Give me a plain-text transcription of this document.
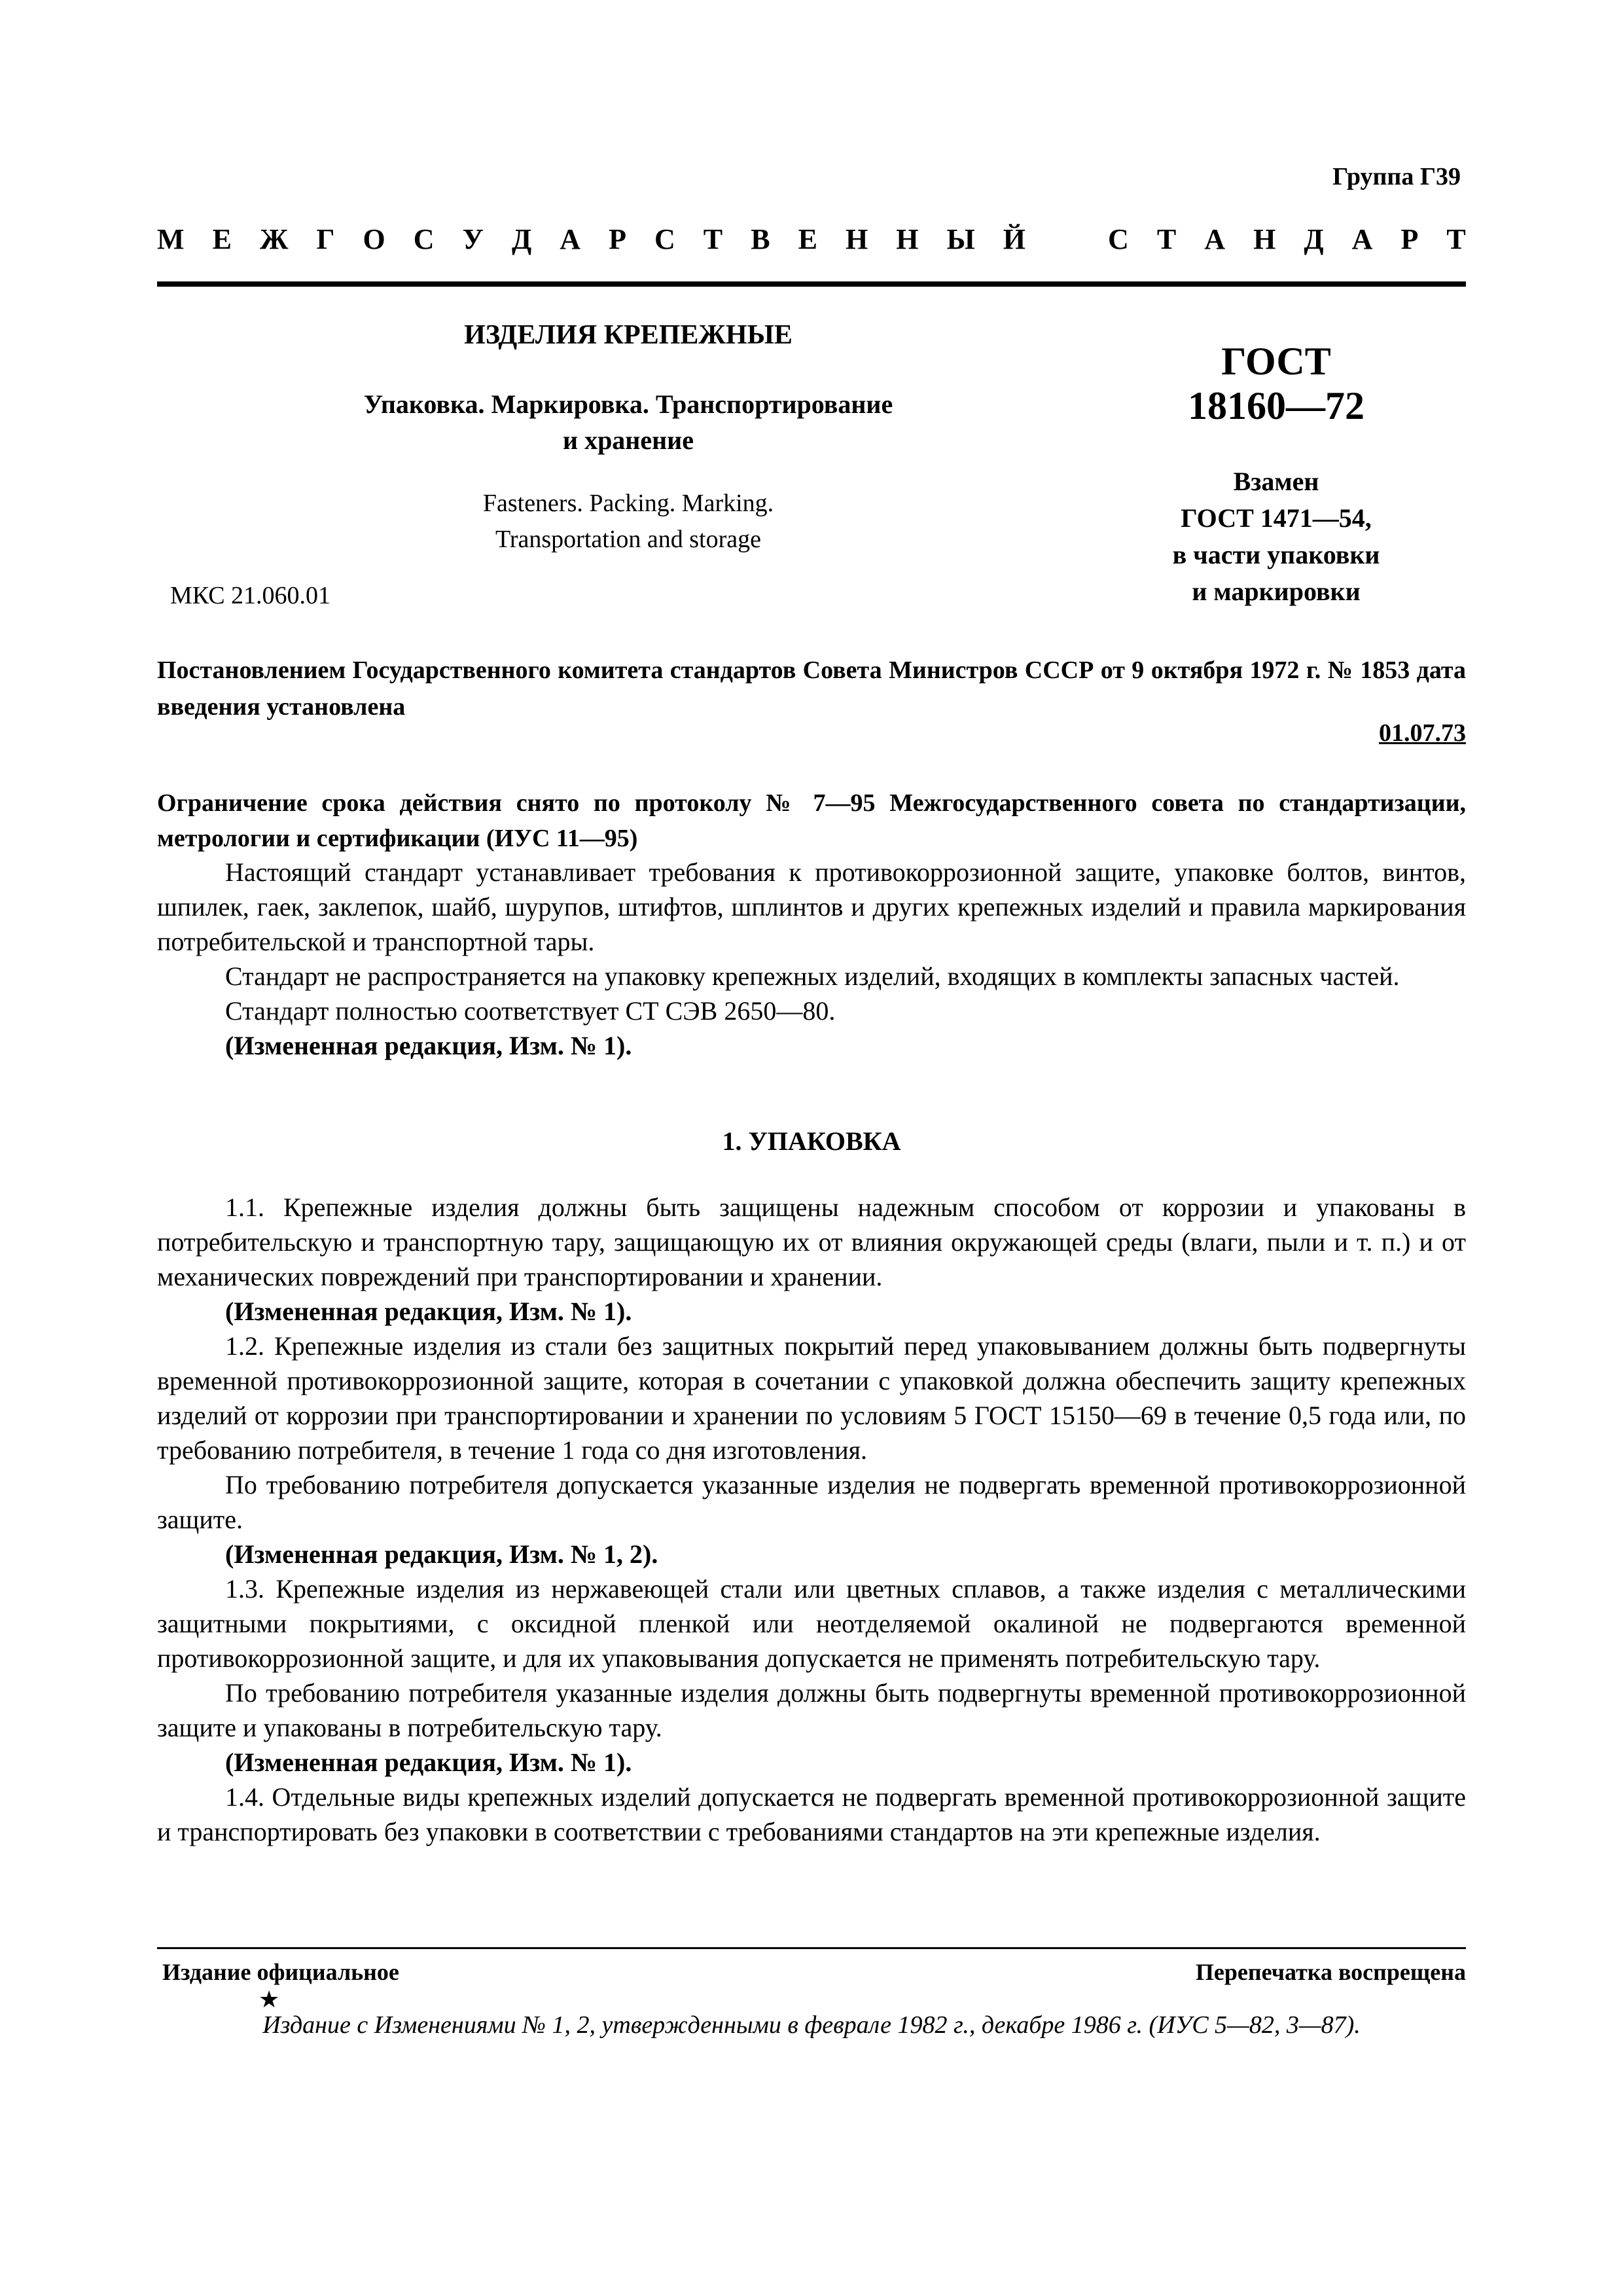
Группа Г39
М Е Ж Г О С У Д А Р С Т В Е Н Н Ы Й	С Т А Н Д А Р Т
ИЗДЕЛИЯ КРЕПЕЖНЫЕ
Упаковка. Маркировка. Транспортирование
и хранение
Fasteners. Packing. Marking.
Transportation and storage
МКС 21.060.01
ГОСТ
18160—72
Взамен
ГОСТ 1471—54,
в части упаковки
и маркировки
Постановлением Государственного комитета стандартов Совета Министров СССР от 9 октября 1972 г. № 1853 дата введения установлена
01.07.73
Ограничение срока действия снято по протоколу № 7—95 Межгосударственного совета по стандартизации, метрологии и сертификации (ИУС 11—95)

Настоящий стандарт устанавливает требования к противокоррозионной защите, упаковке болтов, винтов, шпилек, гаек, заклепок, шайб, шурупов, штифтов, шплинтов и других крепежных изделий и правила маркирования потребительской и транспортной тары.

Стандарт не распространяется на упаковку крепежных изделий, входящих в комплекты запасных частей.

Стандарт полностью соответствует СТ СЭВ 2650—80.

(Измененная редакция, Изм. № 1).

1. УПАКОВКА

1.1. Крепежные изделия должны быть защищены надежным способом от коррозии и упакованы в потребительскую и транспортную тару, защищающую их от влияния окружающей среды (влаги, пыли и т. п.) и от механических повреждений при транспортировании и хранении.

(Измененная редакция, Изм. № 1).

1.2. Крепежные изделия из стали без защитных покрытий перед упаковыванием должны быть подвергнуты временной противокоррозионной защите, которая в сочетании с упаковкой должна обеспечить защиту крепежных изделий от коррозии при транспортировании и хранении по условиям 5 ГОСТ 15150—69 в течение 0,5 года или, по требованию потребителя, в течение 1 года со дня изготовления.

По требованию потребителя допускается указанные изделия не подвергать временной противокоррозионной защите.

(Измененная редакция, Изм. № 1, 2).

1.3. Крепежные изделия из нержавеющей стали или цветных сплавов, а также изделия с металлическими защитными покрытиями, с оксидной пленкой или неотделяемой окалиной не подвергаются временной противокоррозионной защите, и для их упаковывания допускается не применять потребительскую тару.

По требованию потребителя указанные изделия должны быть подвергнуты временной противокоррозионной защите и упакованы в потребительскую тару.

(Измененная редакция, Изм. № 1).

1.4. Отдельные виды крепежных изделий допускается не подвергать временной противокоррозионной защите и транспортировать без упаковки в соответствии с требованиями стандартов на эти крепежные изделия.

Издание официальное	Перепечатка воспрещена
★
Издание с Изменениями № 1, 2, утвержденными в феврале 1982 г., декабре 1986 г. (ИУС 5—82, 3—87).
